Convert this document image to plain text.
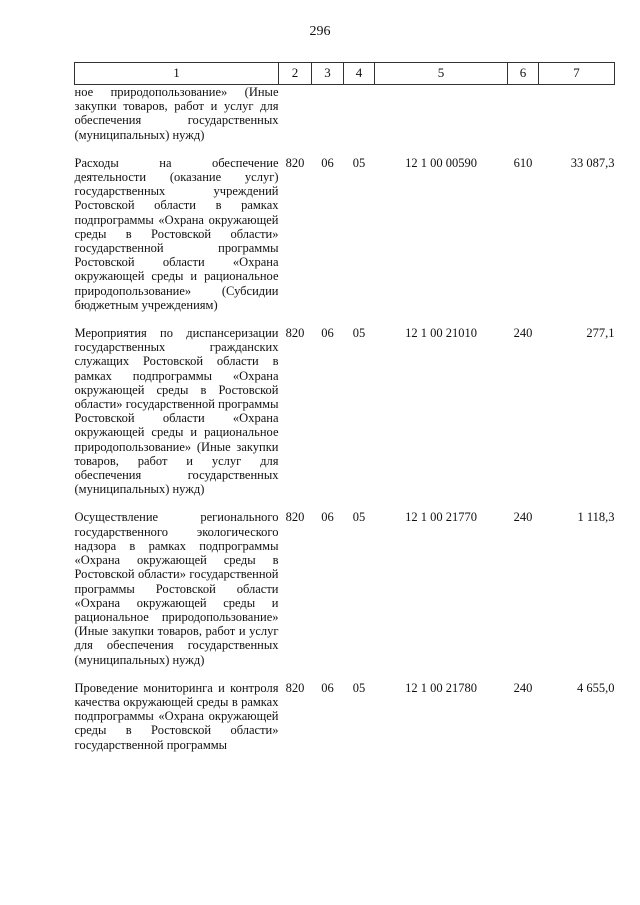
296
1	2	3	4	5	6	7
ное природопользование» (Иные закупки товаров, работ и услуг для обеспечения государственных (муниципальных) нужд)						

Расходы на обеспечение деятельности (оказание услуг) государственных учреждений Ростовской области в рамках подпрограммы «Охрана окружающей среды в Ростовской области» государственной программы Ростовской области «Охрана окружающей среды и рациональное природопользование» (Субсидии бюджетным учреждениям)	820	06	05	12 1 00 00590	610	33 087,3

Мероприятия по диспансеризации государственных гражданских служащих Ростовской области в рамках подпрограммы «Охрана окружающей среды в Ростовской области» государственной программы Ростовской области «Охрана окружающей среды и рациональное природопользование» (Иные закупки товаров, работ и услуг для обеспечения государственных (муниципальных) нужд)	820	06	05	12 1 00 21010	240	277,1

Осуществление регионального государственного экологического надзора в рамках подпрограммы «Охрана окружающей среды в Ростовской области» государственной программы Ростовской области «Охрана окружающей среды и рациональное природопользование» (Иные закупки товаров, работ и услуг для обеспечения государственных (муниципальных) нужд)	820	06	05	12 1 00 21770	240	1 118,3

Проведение мониторинга и контроля качества окружающей среды в рамках подпрограммы «Охрана окружающей среды в Ростовской области» государственной программы	820	06	05	12 1 00 21780	240	4 655,0
